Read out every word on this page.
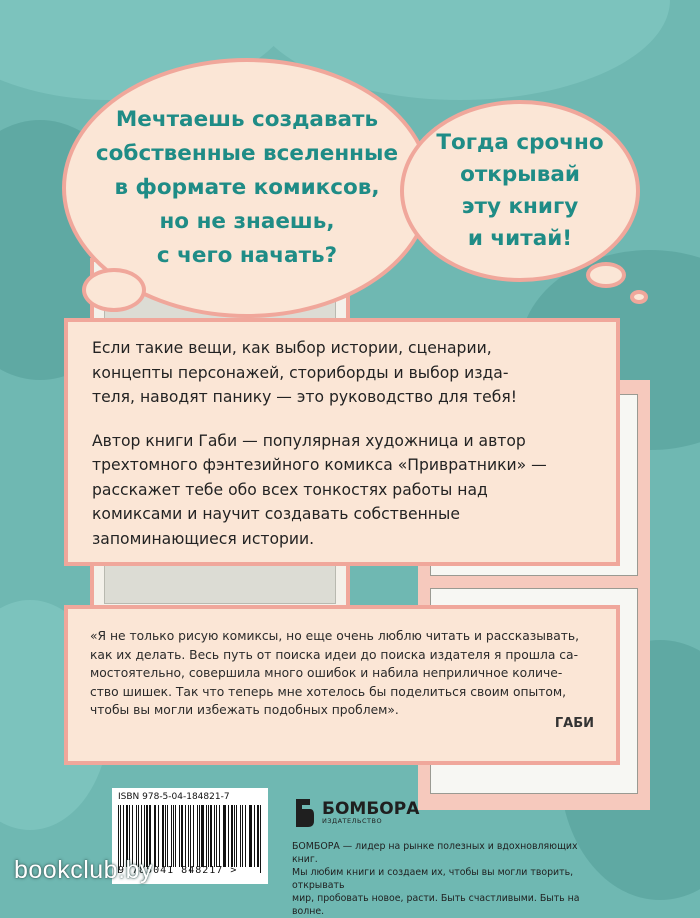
Мечтаешь создавать
собственные вселенные
в формате комиксов,
но не знаешь,
с чего начать?
Тогда срочно
открывай
эту книгу
и читай!

Если такие вещи, как выбор истории, сценарии,
концепты персонажей, сториборды и выбор изда-
теля, наводят панику — это руководство для тебя!

Автор книги Габи — популярная художница и автор
трехтомного фэнтезийного комикса «Привратники» —
расскажет тебе обо всех тонкостях работы над
комиксами и научит создавать собственные
запоминающиеся истории.

«Я не только рисую комиксы, но еще очень люблю читать и рассказывать,
как их делать. Весь путь от поиска идеи до поиска издателя я прошла са-
мостоятельно, совершила много ошибок и набила неприличное количе-
ство шишек. Так что теперь мне хотелось бы поделиться своим опытом,
чтобы вы могли избежать подобных проблем».

ГАБИ
ISBN 978-5-04-184821-7
9 785041 848217 >
БОМБОРА
ИЗДАТЕЛЬСТВО
БОМБОРА — лидер на рынке полезных и вдохновляющих книг.
Мы любим книги и создаем их, чтобы вы могли творить, открывать
мир, пробовать новое, расти. Быть счастливыми. Быть на волне.
bookclub.by
